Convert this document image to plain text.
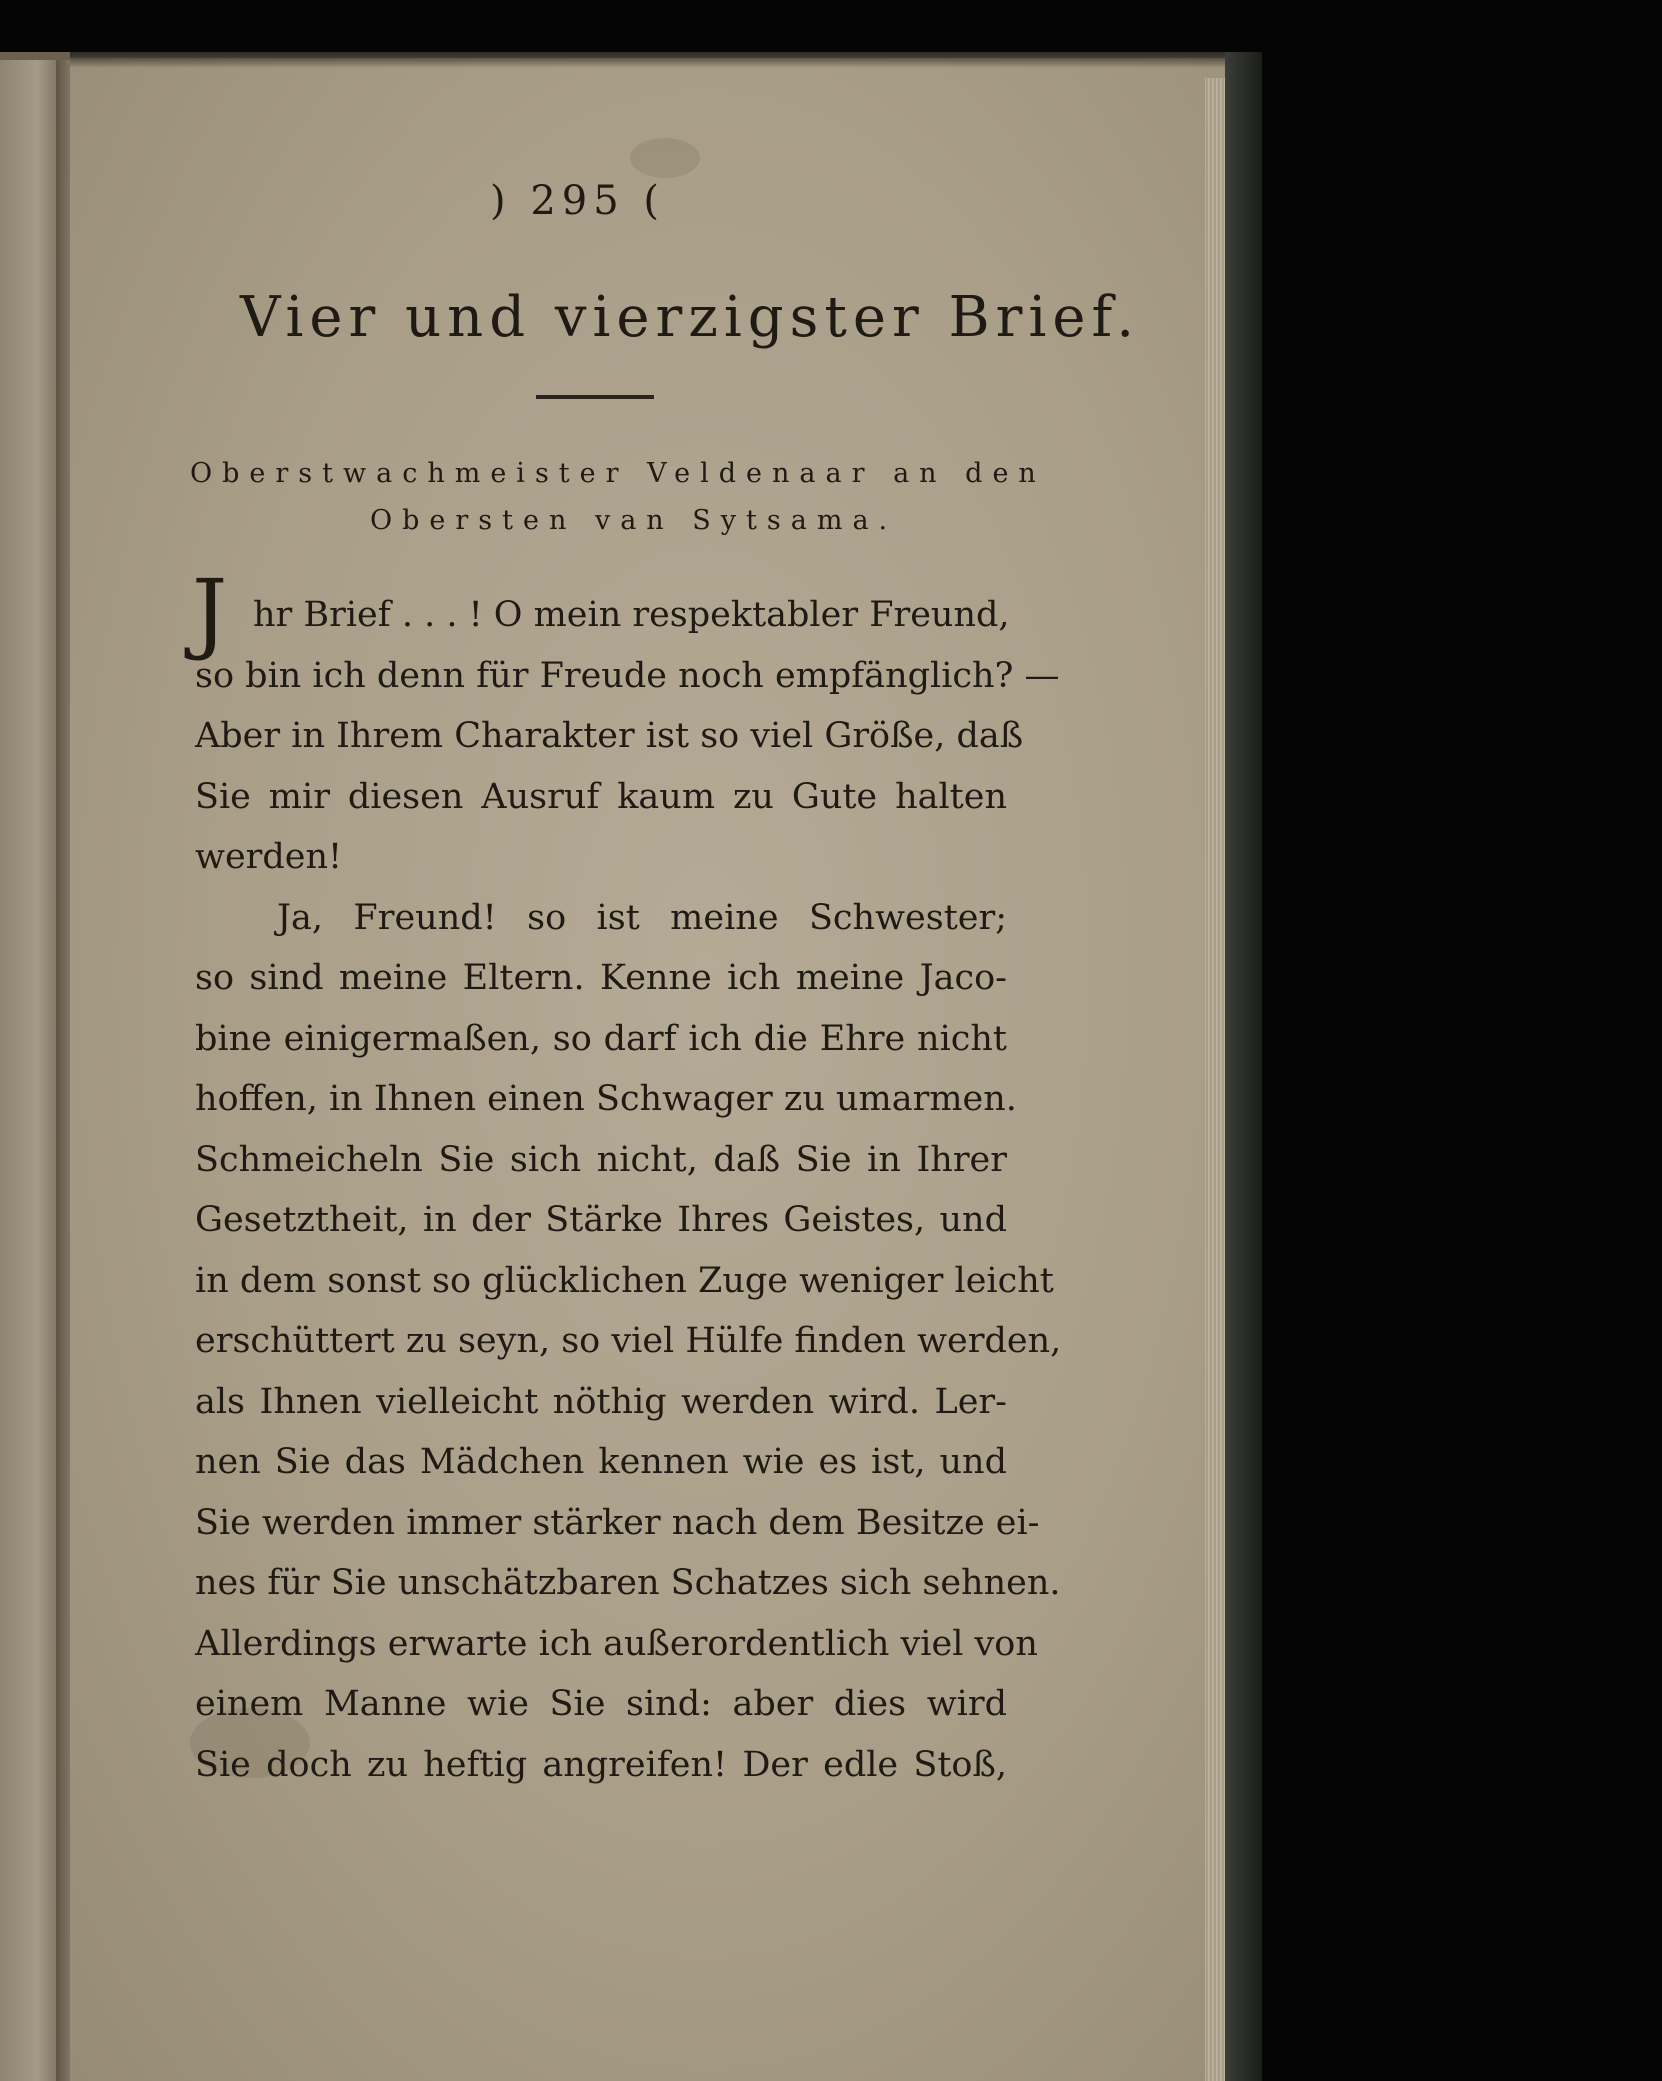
) 295 (
Vier und vierzigster Brief.
Oberstwachmeister Veldenaar an den
Obersten van Sytsama.
J hr Brief . . . ! O mein respektabler Freund,
so bin ich denn für Freude noch empfänglich? —
Aber in Ihrem Charakter ist so viel Größe, daß
Sie mir diesen Ausruf kaum zu Gute halten
werden!
Ja, Freund! so ist meine Schwester;
so sind meine Eltern. Kenne ich meine Jaco-
bine einigermaßen, so darf ich die Ehre nicht
hoffen, in Ihnen einen Schwager zu umarmen.
Schmeicheln Sie sich nicht, daß Sie in Ihrer
Gesetztheit, in der Stärke Ihres Geistes, und
in dem sonst so glücklichen Zuge weniger leicht
erschüttert zu seyn, so viel Hülfe finden werden,
als Ihnen vielleicht nöthig werden wird. Ler-
nen Sie das Mädchen kennen wie es ist, und
Sie werden immer stärker nach dem Besitze ei-
nes für Sie unschätzbaren Schatzes sich sehnen.
Allerdings erwarte ich außerordentlich viel von
einem Manne wie Sie sind: aber dies wird
Sie doch zu heftig angreifen! Der edle Stoß,
